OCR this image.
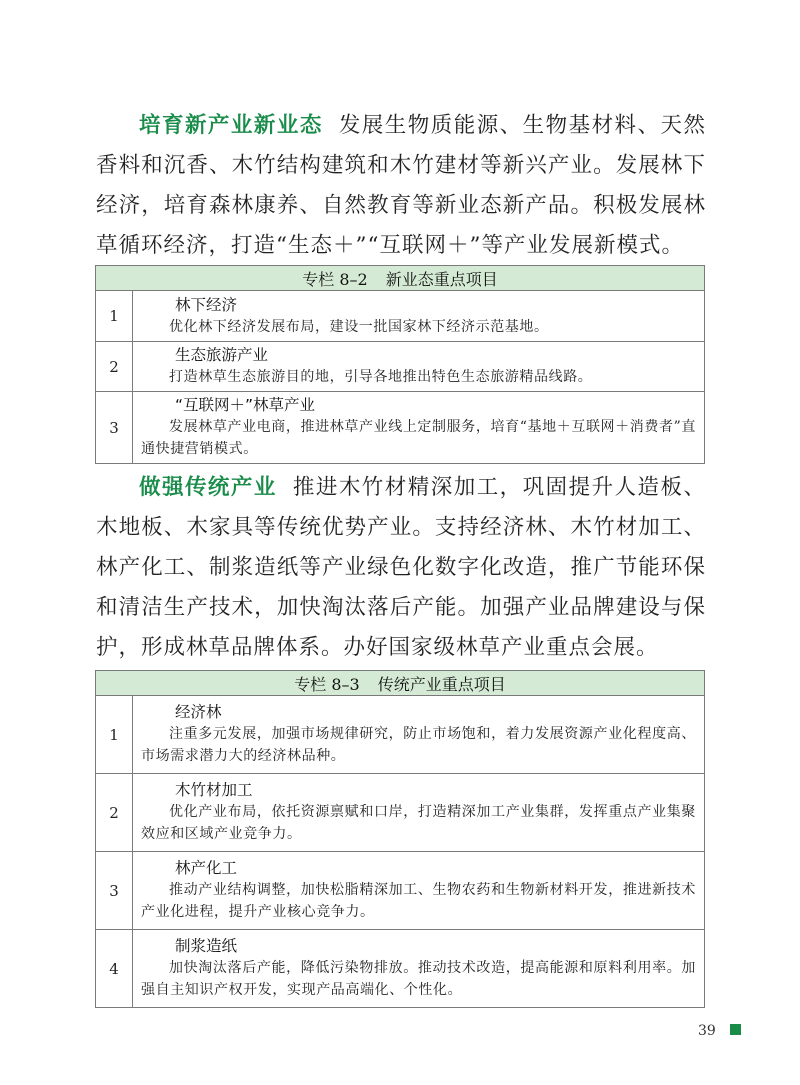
培育新产业新业态 发展生物质能源、生物基材料、天然香料和沉香、木竹结构建筑和木竹建材等新兴产业。发展林下经济，培育森林康养、自然教育等新业态新产品。积极发展林草循环经济，打造“生态＋”“互联网＋”等产业发展新模式。
专栏 8–2 新业态重点项目	
1	林下经济
优化林下经济发展布局，建设一批国家林下经济示范基地。

2	生态旅游产业
打造林草生态旅游目的地，引导各地推出特色生态旅游精品线路。

3	“互联网＋”林草产业
发展林草产业电商，推进林草产业线上定制服务，培育“基地＋互联网＋消费者”直通快捷营销模式。
做强传统产业 推进木竹材精深加工，巩固提升人造板、木地板、木家具等传统优势产业。支持经济林、木竹材加工、林产化工、制浆造纸等产业绿色化数字化改造，推广节能环保和清洁生产技术，加快淘汰落后产能。加强产业品牌建设与保护，形成林草品牌体系。办好国家级林草产业重点会展。
专栏 8–3 传统产业重点项目	
1	经济林
注重多元发展，加强市场规律研究，防止市场饱和，着力发展资源产业化程度高、市场需求潜力大的经济林品种。

2	木竹材加工
优化产业布局，依托资源禀赋和口岸，打造精深加工产业集群，发挥重点产业集聚效应和区域产业竞争力。

3	林产化工
推动产业结构调整，加快松脂精深加工、生物农药和生物新材料开发，推进新技术产业化进程，提升产业核心竞争力。

4	制浆造纸
加快淘汰落后产能，降低污染物排放。推动技术改造，提高能源和原料利用率。加强自主知识产权开发，实现产品高端化、个性化。
39
